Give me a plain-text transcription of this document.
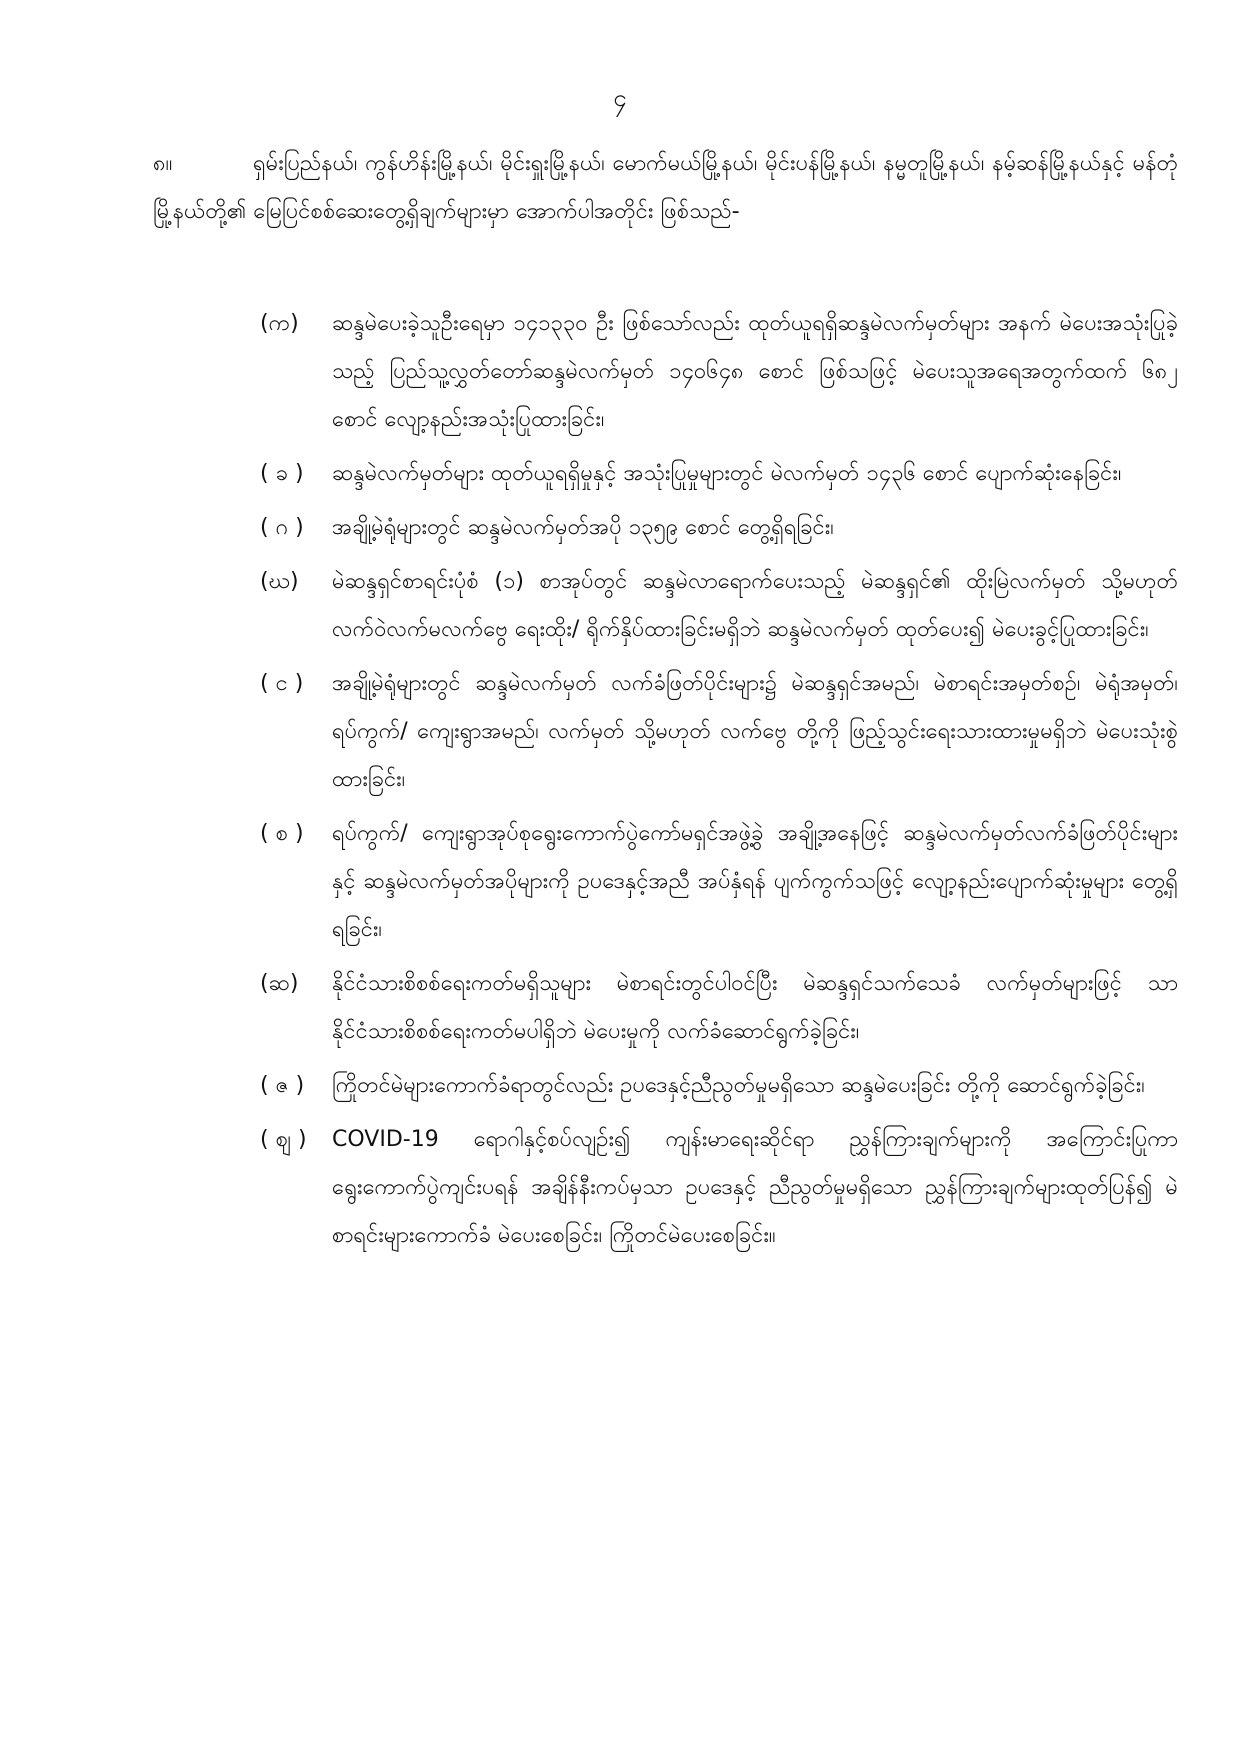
၄
၈။	ရှမ်းပြည်နယ်၊ ကွန်ဟိန်းမြို့နယ်၊ မိုင်းရှူးမြို့နယ်၊ မောက်မယ်မြို့နယ်၊ မိုင်းပန်မြို့နယ်၊ နမ္မတူမြို့နယ်၊ နမ့်ဆန်မြို့နယ်နှင့် မန်တုံမြို့နယ်တို့၏ မြေပြင်စစ်ဆေးတွေ့ရှိချက်များမှာ အောက်ပါအတိုင်း ဖြစ်သည်-
(က)	ဆန္ဒမဲပေးခဲ့သူဦးရေမှာ ၁၄၁၃၃၀ ဦး ဖြစ်သော်လည်း ထုတ်ယူရရှိဆန္ဒမဲလက်မှတ်များ အနက် မဲပေးအသုံးပြုခဲ့သည့် ပြည်သူ့လွှတ်တော်ဆန္ဒမဲလက်မှတ် ၁၄၀၆၄၈ စောင် ဖြစ်သဖြင့် မဲပေးသူအရေအတွက်ထက် ၆၈၂ စောင် လျော့နည်းအသုံးပြုထားခြင်း၊
( ခ )	ဆန္ဒမဲလက်မှတ်များ ထုတ်ယူရရှိမှုနှင့် အသုံးပြုမှုများတွင် မဲလက်မှတ် ၁၄၃၆ စောင် ပျောက်ဆုံးနေခြင်း၊
( ဂ )	အချို့မဲရုံများတွင် ဆန္ဒမဲလက်မှတ်အပို ၁၃၅၉ စောင် တွေ့ရှိရခြင်း၊
(ဃ)	မဲဆန္ဒရှင်စာရင်းပုံစံ (၁) စာအုပ်တွင် ဆန္ဒမဲလာရောက်ပေးသည့် မဲဆန္ဒရှင်၏ ထိုးမြဲလက်မှတ် သို့မဟုတ် လက်ဝဲလက်မလက်ဗွေ ရေးထိုး/ ရိုက်နှိပ်ထားခြင်းမရှိဘဲ ဆန္ဒမဲလက်မှတ် ထုတ်ပေး၍ မဲပေးခွင့်ပြုထားခြင်း၊
( င )	အချို့မဲရုံများတွင် ဆန္ဒမဲလက်မှတ် လက်ခံဖြတ်ပိုင်းများ၌ မဲဆန္ဒရှင်အမည်၊ မဲစာရင်းအမှတ်စဉ်၊ မဲရုံအမှတ်၊ ရပ်ကွက်/ ကျေးရွာအမည်၊ လက်မှတ် သို့မဟုတ် လက်ဗွေ တို့ကို ဖြည့်သွင်းရေးသားထားမှုမရှိဘဲ မဲပေးသုံးစွဲထားခြင်း၊
( စ )	ရပ်ကွက်/ ကျေးရွာအုပ်စုရွေးကောက်ပွဲကော်မရှင်အဖွဲ့ခွဲ အချို့အနေဖြင့် ဆန္ဒမဲလက်မှတ်လက်ခံဖြတ်ပိုင်းများနှင့် ဆန္ဒမဲလက်မှတ်အပိုများကို ဥပဒေနှင့်အညီ အပ်နှံရန် ပျက်ကွက်သဖြင့် လျော့နည်းပျောက်ဆုံးမှုများ တွေ့ရှိရခြင်း၊
(ဆ)	နိုင်ငံသားစိစစ်ရေးကတ်မရှိသူများ မဲစာရင်းတွင်ပါဝင်ပြီး မဲဆန္ဒရှင်သက်သေခံ လက်မှတ်များဖြင့် သာ နိုင်ငံသားစိစစ်ရေးကတ်မပါရှိဘဲ မဲပေးမှုကို လက်ခံဆောင်ရွက်ခဲ့ခြင်း၊
( ဇ )	ကြိုတင်မဲများကောက်ခံရာတွင်လည်း ဥပဒေနှင့်ညီညွတ်မှုမရှိသော ဆန္ဒမဲပေးခြင်း တို့ကို ဆောင်ရွက်ခဲ့ခြင်း၊
( ဈ )	COVID-19 ရောဂါနှင့်စပ်လျဉ်း၍ ကျန်းမာရေးဆိုင်ရာ ညွှန်ကြားချက်များကို အကြောင်းပြုကာ ရွေးကောက်ပွဲကျင်းပရန် အချိန်နီးကပ်မှသာ ဥပဒေနှင့် ညီညွတ်မှုမရှိသော ညွှန်ကြားချက်များထုတ်ပြန်၍ မဲစာရင်းများကောက်ခံ မဲပေးစေခြင်း၊ ကြိုတင်မဲပေးစေခြင်း။
